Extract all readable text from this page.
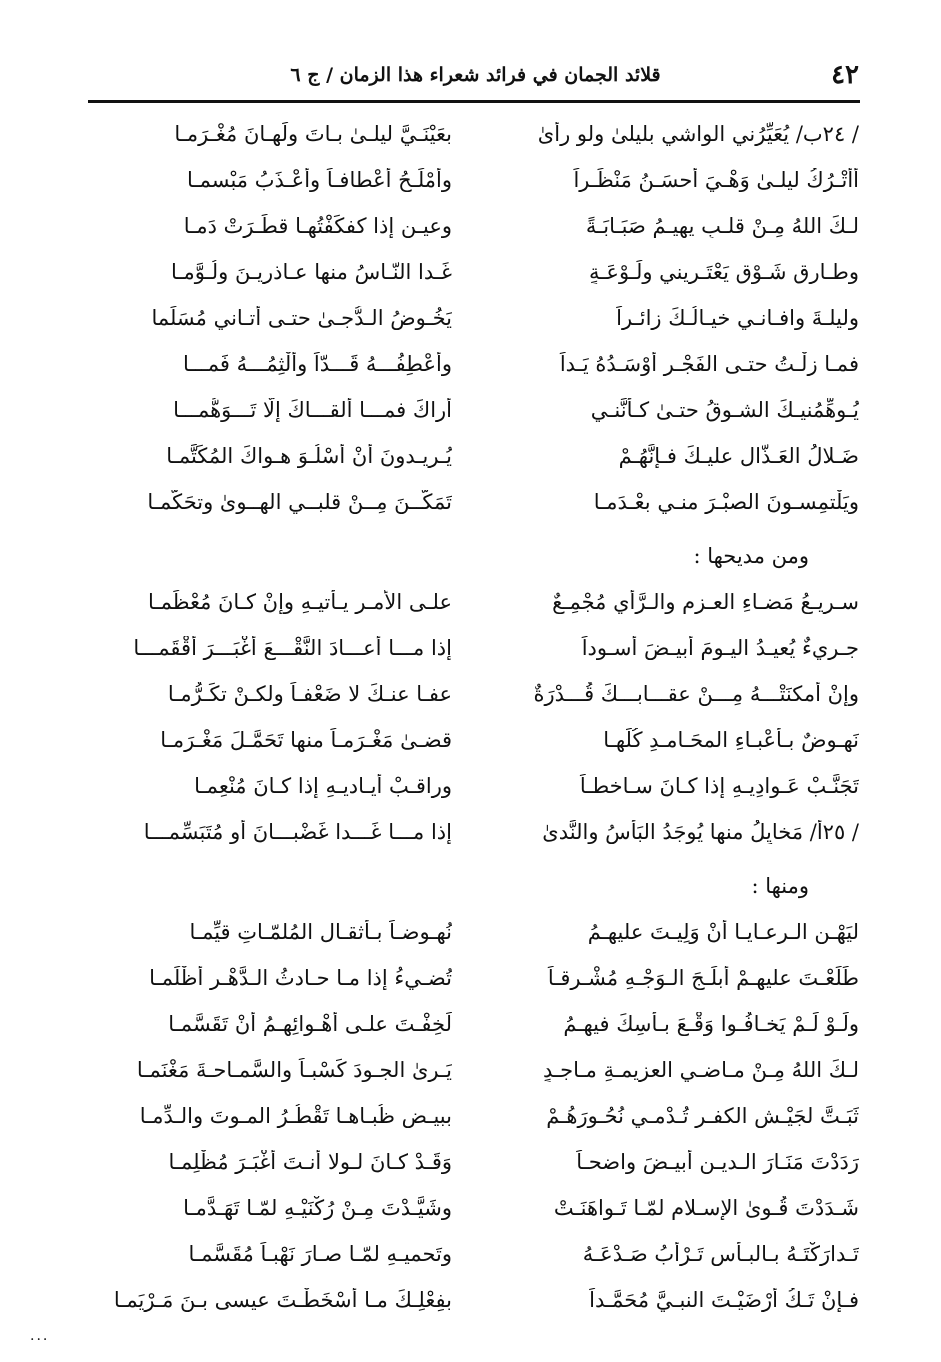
٤٢
قلائد الجمان في فرائد شعراء هذا الزمان / ج ٦
/ ٢٤ب/ يُعَيِّرُني الواشي بليلىٰ ولو رأىٰ
بعَيْنَـيَّ ليلـىٰ بـاتَ ولَهـانَ مُغْـرَمـا
أأتْـرُكُ ليلـىٰ وَهْـيَ أحسَـنُ مَنْظَـراً
وأمْلَـحُ أعْطافـاً وأعْـذَبُ مَبْسمـا
لـكَ اللهُ مِـنْ قلـبٍ يهيـمُ صَبَـابَـةً
وعيـنٍ إذا كفكَفْتُهـا قطَـرَتْ دَمـا
وطـارقِ شَـوْقٍ يَعْتَـريني ولَـوْعَـةٍ
غَـدا النّـاسُ منها عـاذرِيـنَ ولُـوَّمـا
وليلـةَ وافـانـي خيـالُـكَ زائـراً
يَخُـوضُ الـدُّجـىٰ حتـى أتـاني مُسَلِّما
فمـا زِلْـتُ حتـى الفَجْـرِ أوْسَـدُهُ يَـداً
وأعْطِفُـــهُ قَـــدّاً وألْثِمُـــهُ فَمـــا
يُـوهِّمُنيـكَ الشـوقُ حتـىٰ كـأنَّنـي
أراكَ فمـــا ألقـــاكَ إلّا تَـــوَهُّمـــا
ضَـلالُ العَـذّالِ عليـكَ فـإنَّهُـمْ
يُـرِيـدونَ أنْ أسْلُـوَ هـواكَ المُكَتَّمـا
ويَلْتمِسـونَ الصبْـرَ منـي بعْـدَمـا
تَمَكَّــنَ مِــنْ قلبــي الهــوىٰ وتحَكَّمـا
ومن مديحها :
سـريـعُ مَضـاءِ العـزمِ والـرَّأْيِ مُجْمِـعٌ
علـى الأمـرِ يـأتيـهِ وإنْ كـانَ مُعْظَمـا
جـريءٌ يُعيـدُ اليـومَ أبيـضَ أسـوداً
إذا مـــا أعـــادَ النَّقْـــعَ أغْبَـــرَ أقْقَمـــا
وإنْ أمكنَتْـــهُ مِـــنْ عقـــابـــكَ قُـــدْرَةٌ
عفـا عنـكَ لا ضَعْفـاً ولكـنْ تكَـرُّمـا
نَهـوضٌ بـأعْبـاءِ المحَـامـدِ كُلِّهـا
قضـىٰ مَغْـرَمـاً منها تَحَمَّـلَ مَغْـرَمـا
تَجَنَّـبْ عَـوادِيـهِ إذا كـانَ سـاخطـاً
وراقـبْ أيـاديـهِ إذا كـانَ مُنْعِمـا
/ ٢٥أ/ مَخايِلُ منها يُوجَدُ البَأْسُ والنَّدىٰ
إذا مـــا غَـــدا غَضْبـــانَ أو مُتَبَسِّمـــا
ومنها :
ليَهْـنِ الـرعـايـا أنْ وَلِيـتَ عليهـمُ
نُهـوضـاً بـأثقـالِ المُلمّـاتِ قيِّمـا
طَلَعْـتَ عليهـمْ أبلَـجَ الـوَجْـهِ مُشْـرِقـاً
تُضـيءُ إذا مـا حـادثُ الـدَّهْـرِ أظْلَمـا
ولَـوْ لَـمْ يَخـافُـوا وَقْـعَ بـأسِكَ فيهِـمُ
لَخِفْـتَ علـى أهْـوائِهـمُ أنْ تَقَسَّمـا
لـكَ اللهُ مِـنْ مـاضـي العزيمـةِ مـاجـدٍ
يَـرىٰ الجـودَ كَسْبـاً والسَّمـاحـةَ مَغْنَمـا
ثَبَـتَّ لجَيْـشِ الكفـرِ تُـدْمـي نُحُـورَهُـمْ
ببيـضٍ ظُبـاهـا تَقْطُـرُ المـوتَ والـدِّمـا
رَدَدْتَ مَنَـارَ الـديـنِ أبيـضَ واضحـاً
وَقَـدْ كـانَ لـولا أنـتَ أغْبَـرَ مُظْلِمـا
شَـدَدْتَ قُـوىٰ الإسـلامِ لمّـا تَـواهَنَـتْ
وشَيَّـدْتَ مِـنْ رُكْنَيْـهِ لمّـا تَهَـدَّمـا
تَـدارَكْتَـهُ بـالبـأسِ تَـرْأَبُ صَـدْعَـهُ
وتَحميـهِ لمّـا صـارَ نَهْبـاً مُقَسَّمـا
فـإنْ تَـكُ أرْضَيْـتَ النبـيَّ مُحَمَّـداً
بفِعْلِـكَ مـا أسْخَطْـتَ عيسى بـنَ مَـرْيَمـا
...
